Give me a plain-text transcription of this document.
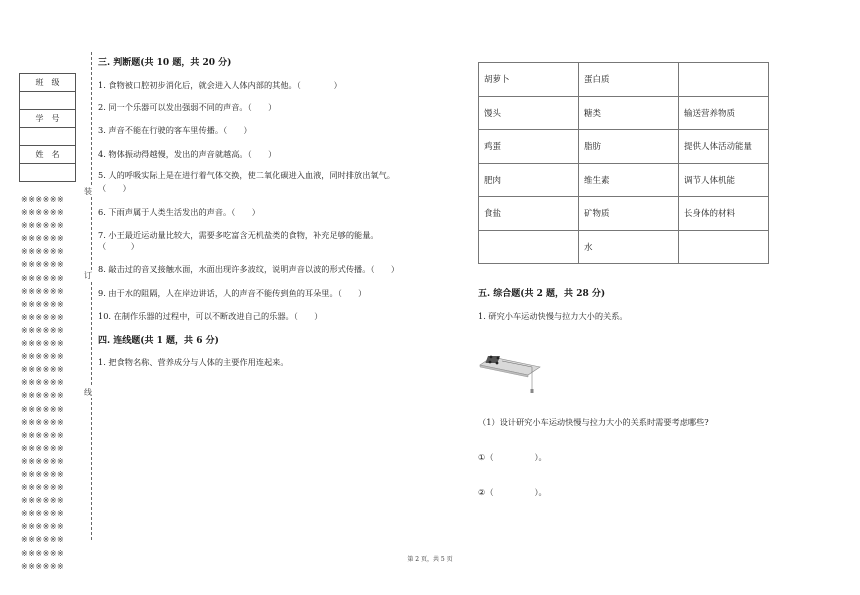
班　级

学　号

姓　名

※※※※※※
※※※※※※
※※※※※※
※※※※※※
※※※※※※
※※※※※※
※※※※※※
※※※※※※
※※※※※※
※※※※※※
※※※※※※
※※※※※※
※※※※※※
※※※※※※
※※※※※※
※※※※※※
※※※※※※
※※※※※※
※※※※※※
※※※※※※
※※※※※※
※※※※※※
※※※※※※
※※※※※※
※※※※※※
※※※※※※
※※※※※※
※※※※※※
※※※※※※
装
订
线
三. 判断题(共 10 题，共 20 分)
1. 食物被口腔初步消化后，就会进入人体内部的其他。（　　　　）
2. 同一个乐器可以发出强弱不同的声音。（　　）
3. 声音不能在行驶的客车里传播。（　　）
4. 物体振动得越慢，发出的声音就越高。（　　）
5. 人的呼吸实际上是在进行着气体交换，使二氧化碳进入血液，同时排放出氧气。
（　　）
6. 下雨声属于人类生活发出的声音。（　　）
7. 小王最近运动量比较大，需要多吃富含无机盐类的食物，补充足够的能量。
（　　　）
8. 敲击过的音叉接触水面，水面出现许多波纹，说明声音以波的形式传播。（　　）
9. 由于水的阻隔，人在岸边讲话，人的声音不能传到鱼的耳朵里。（　　）
10. 在制作乐器的过程中，可以不断改进自己的乐器。（　　）
四. 连线题(共 1 题，共 6 分)
1. 把食物名称、营养成分与人体的主要作用连起来。
胡萝卜	蛋白质	
馒头	糖类	输送营养物质
鸡蛋	脂肪	提供人体活动能量
肥肉	维生素	调节人体机能
食盐	矿物质	长身体的材料
	水	
五. 综合题(共 2 题，共 28 分)
1. 研究小车运动快慢与拉力大小的关系。
（1）设计研究小车运动快慢与拉力大小的关系时需要考虑哪些?
①（　　　　　）。
②（　　　　　）。
第 2 页，共 5 页
